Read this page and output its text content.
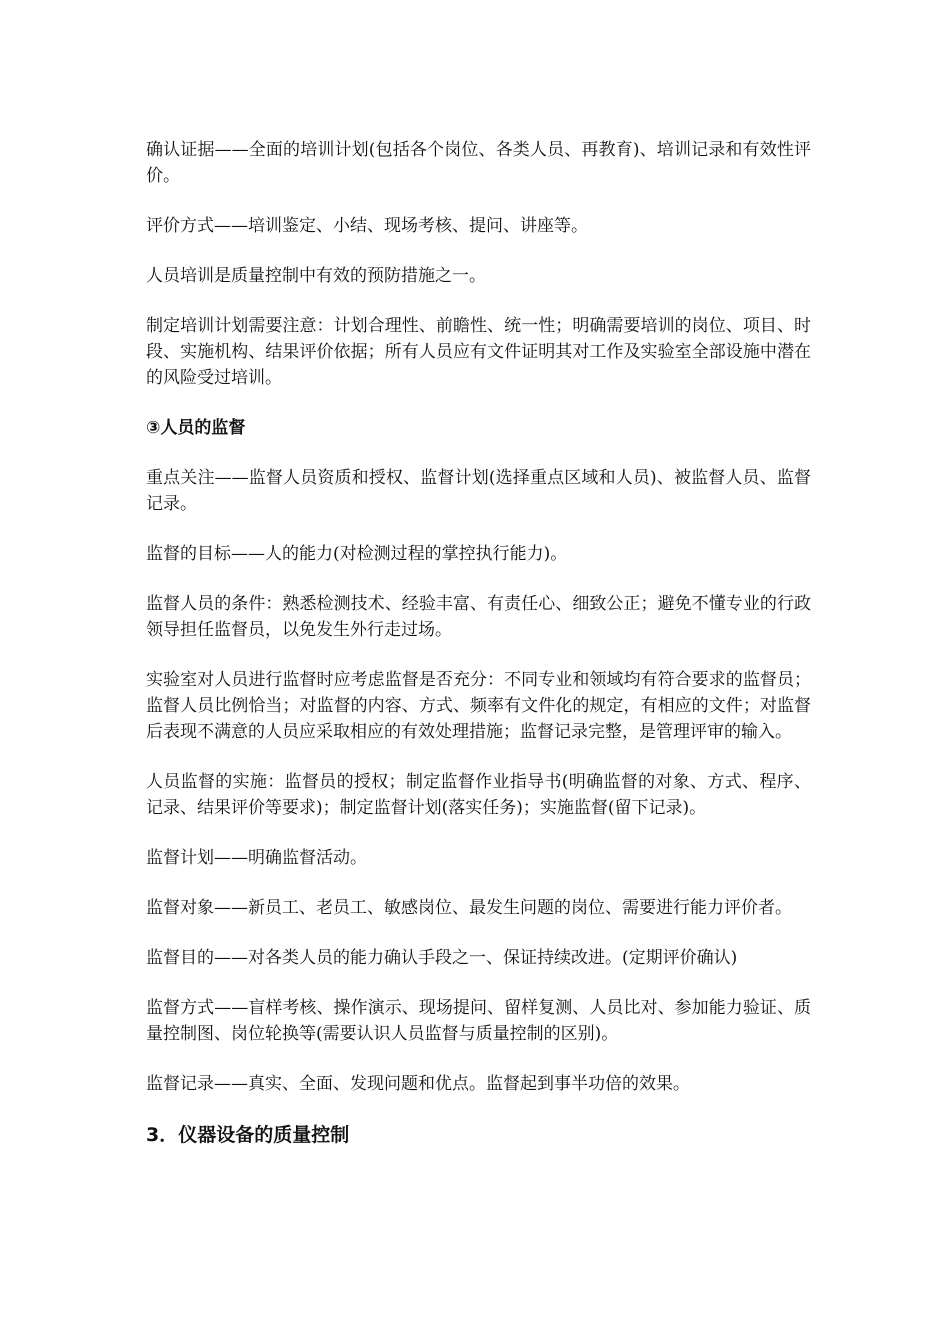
确认证据——全面的培训计划(包括各个岗位、各类人员、再教育)、培训记录和有效性评价。

评价方式——培训鉴定、小结、现场考核、提问、讲座等。

人员培训是质量控制中有效的预防措施之一。

制定培训计划需要注意：计划合理性、前瞻性、统一性；明确需要培训的岗位、项目、时段、实施机构、结果评价依据；所有人员应有文件证明其对工作及实验室全部设施中潜在的风险受过培训。

③人员的监督

重点关注——监督人员资质和授权、监督计划(选择重点区域和人员)、被监督人员、监督记录。

监督的目标——人的能力(对检测过程的掌控执行能力)。

监督人员的条件：熟悉检测技术、经验丰富、有责任心、细致公正；避免不懂专业的行政领导担任监督员，以免发生外行走过场。

实验室对人员进行监督时应考虑监督是否充分：不同专业和领域均有符合要求的监督员；监督人员比例恰当；对监督的内容、方式、频率有文件化的规定，有相应的文件；对监督后表现不满意的人员应采取相应的有效处理措施；监督记录完整，是管理评审的输入。

人员监督的实施：监督员的授权；制定监督作业指导书(明确监督的对象、方式、程序、记录、结果评价等要求)；制定监督计划(落实任务)；实施监督(留下记录)。

监督计划——明确监督活动。

监督对象——新员工、老员工、敏感岗位、最发生问题的岗位、需要进行能力评价者。

监督目的——对各类人员的能力确认手段之一、保证持续改进。(定期评价确认)

监督方式——盲样考核、操作演示、现场提问、留样复测、人员比对、参加能力验证、质量控制图、岗位轮换等(需要认识人员监督与质量控制的区别)。

监督记录——真实、全面、发现问题和优点。监督起到事半功倍的效果。

3．仪器设备的质量控制
